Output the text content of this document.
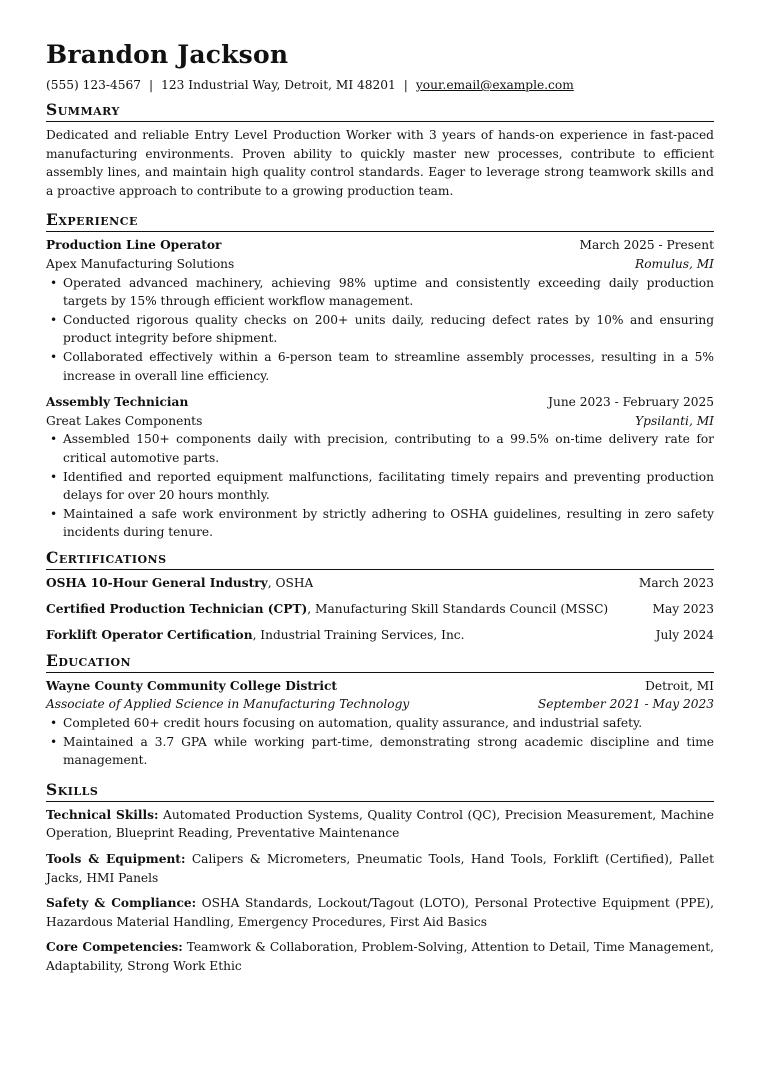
Brandon Jackson
(555) 123-4567 | 123 Industrial Way, Detroit, MI 48201 | your.email@example.com
Summary

Dedicated and reliable Entry Level Production Worker with 3 years of hands-on experience in fast-paced manufacturing environments. Proven ability to quickly master new processes, contribute to efficient assembly lines, and maintain high quality control standards. Eager to leverage strong teamwork skills and a proactive approach to contribute to a growing production team.

Experience
Production Line Operator	March 2025 - Present
Apex Manufacturing Solutions	Romulus, MI
• Operated advanced machinery, achieving 98% uptime and consistently exceeding daily production targets by 15% through efficient workflow management.
• Conducted rigorous quality checks on 200+ units daily, reducing defect rates by 10% and ensuring product integrity before shipment.
• Collaborated effectively within a 6-person team to streamline assembly processes, resulting in a 5% increase in overall line efficiency.
Assembly Technician	June 2023 - February 2025
Great Lakes Components	Ypsilanti, MI
• Assembled 150+ components daily with precision, contributing to a 99.5% on-time delivery rate for critical automotive parts.
• Identified and reported equipment malfunctions, facilitating timely repairs and preventing production delays for over 20 hours monthly.
• Maintained a safe work environment by strictly adhering to OSHA guidelines, resulting in zero safety incidents during tenure.
Certifications
OSHA 10-Hour General Industry, OSHA	March 2023
Certified Production Technician (CPT), Manufacturing Skill Standards Council (MSSC)	May 2023
Forklift Operator Certification, Industrial Training Services, Inc.	July 2024
Education
Wayne County Community College District	Detroit, MI
Associate of Applied Science in Manufacturing Technology	September 2021 - May 2023
• Completed 60+ credit hours focusing on automation, quality assurance, and industrial safety.
• Maintained a 3.7 GPA while working part-time, demonstrating strong academic discipline and time management.
Skills

Technical Skills: Automated Production Systems, Quality Control (QC), Precision Measurement, Machine Operation, Blueprint Reading, Preventative Maintenance

Tools & Equipment: Calipers & Micrometers, Pneumatic Tools, Hand Tools, Forklift (Certified), Pallet Jacks, HMI Panels

Safety & Compliance: OSHA Standards, Lockout/Tagout (LOTO), Personal Protective Equipment (PPE), Hazardous Material Handling, Emergency Procedures, First Aid Basics

Core Competencies: Teamwork & Collaboration, Problem-Solving, Attention to Detail, Time Management, Adaptability, Strong Work Ethic
